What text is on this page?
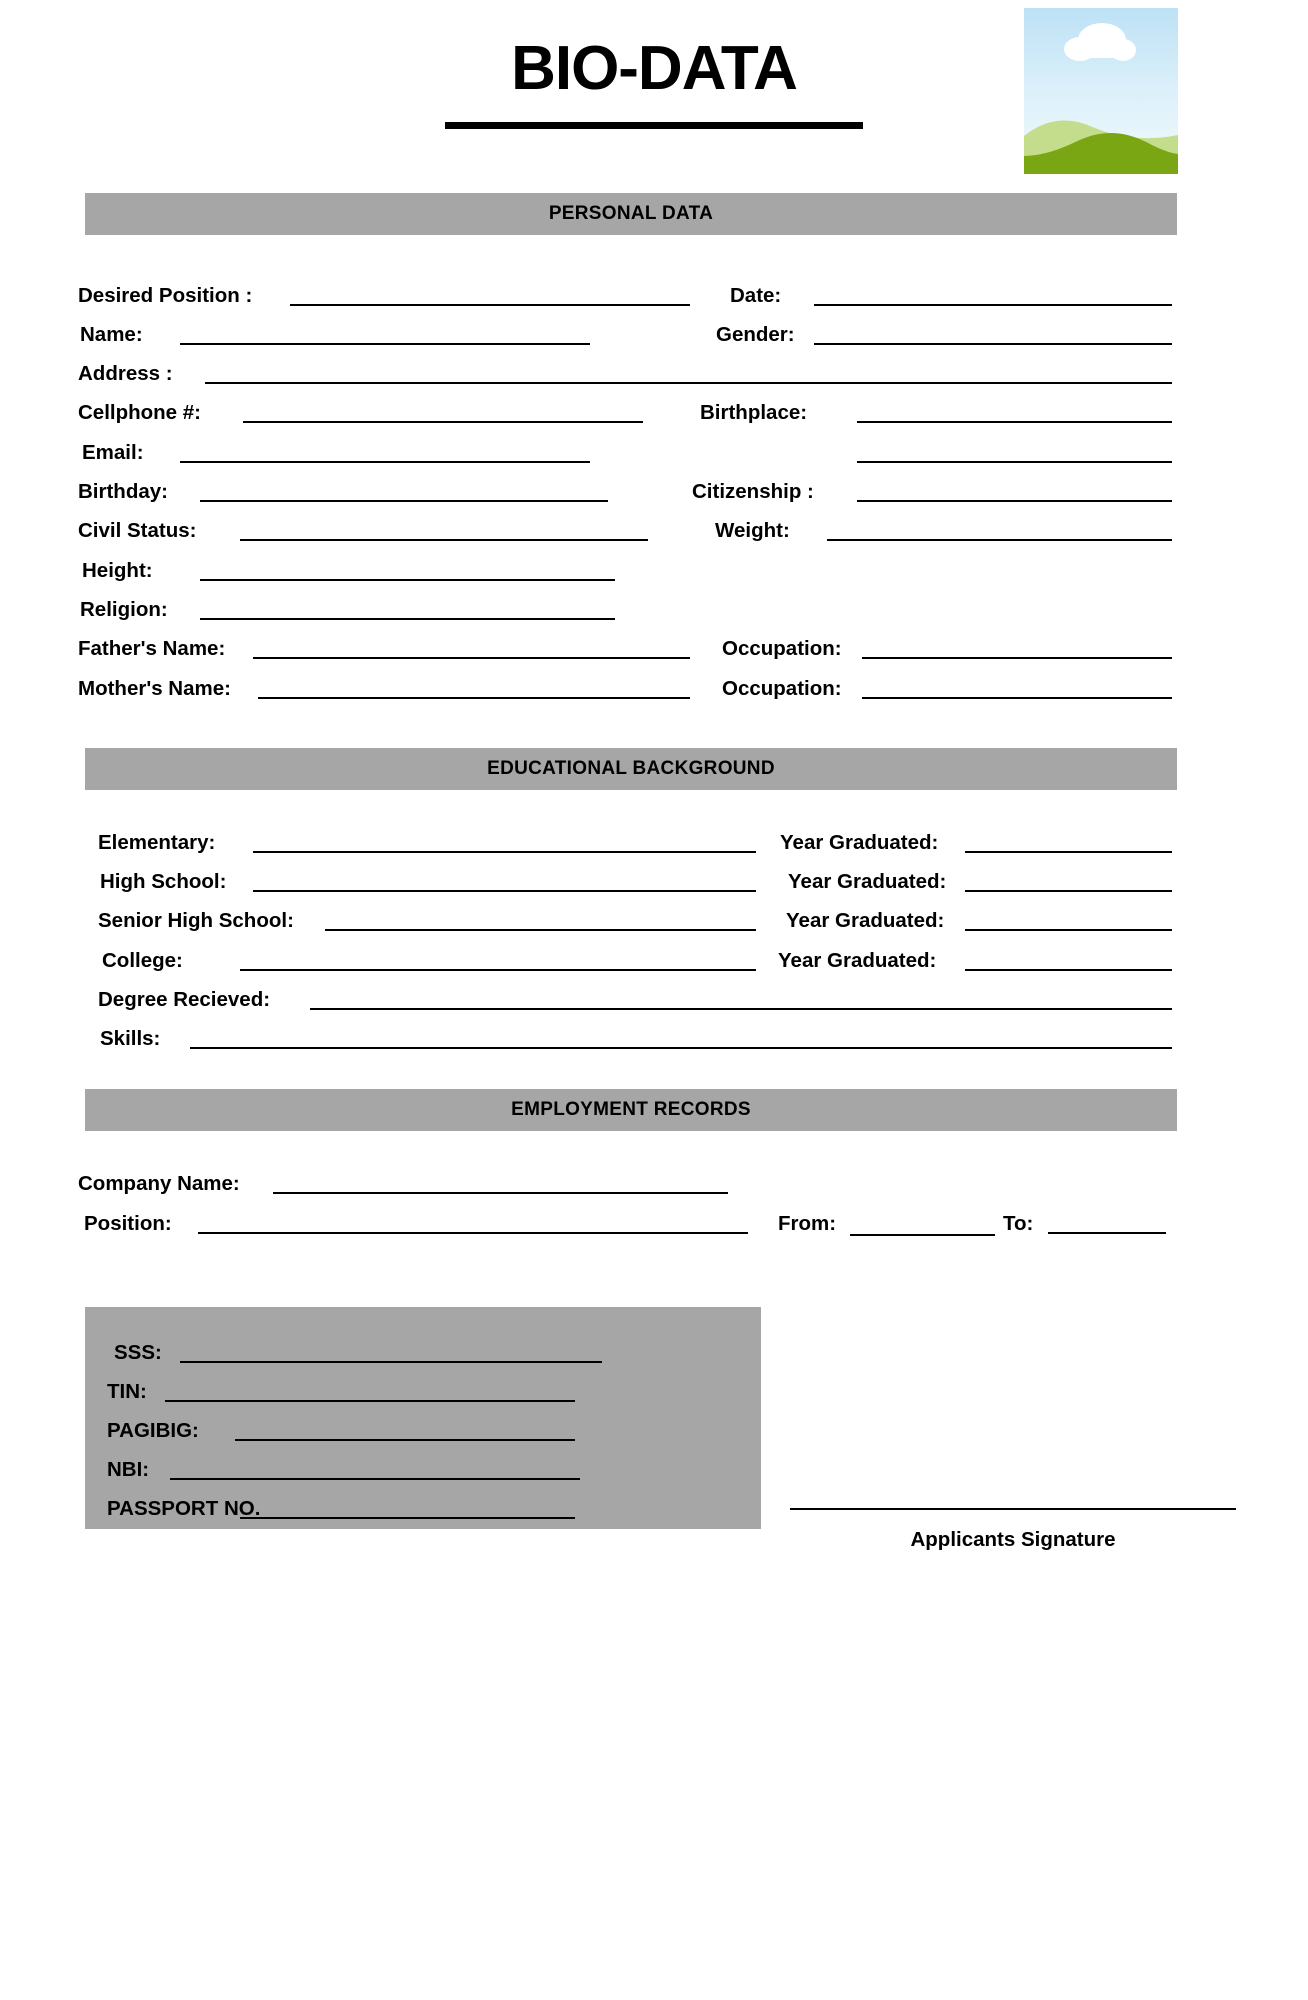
BIO-DATA
PERSONAL DATA
Desired Position :
Name:
Address :
Cellphone #:
Email:
Birthday:
Civil Status:
Height:
Religion:
Father's Name:
Mother's Name:
Date:
Gender:
Birthplace:
Citizenship :
Weight:
Occupation:
Occupation:
EDUCATIONAL BACKGROUND
Elementary:
High School:
Senior High School:
College:
Degree Recieved:
Skills:
Year Graduated:
Year Graduated:
Year Graduated:
Year Graduated:
EMPLOYMENT RECORDS
Company Name:
Position:	From:	To:
SSS:
TIN:
PAGIBIG:
NBI:
PASSPORT NO.
Applicants Signature
